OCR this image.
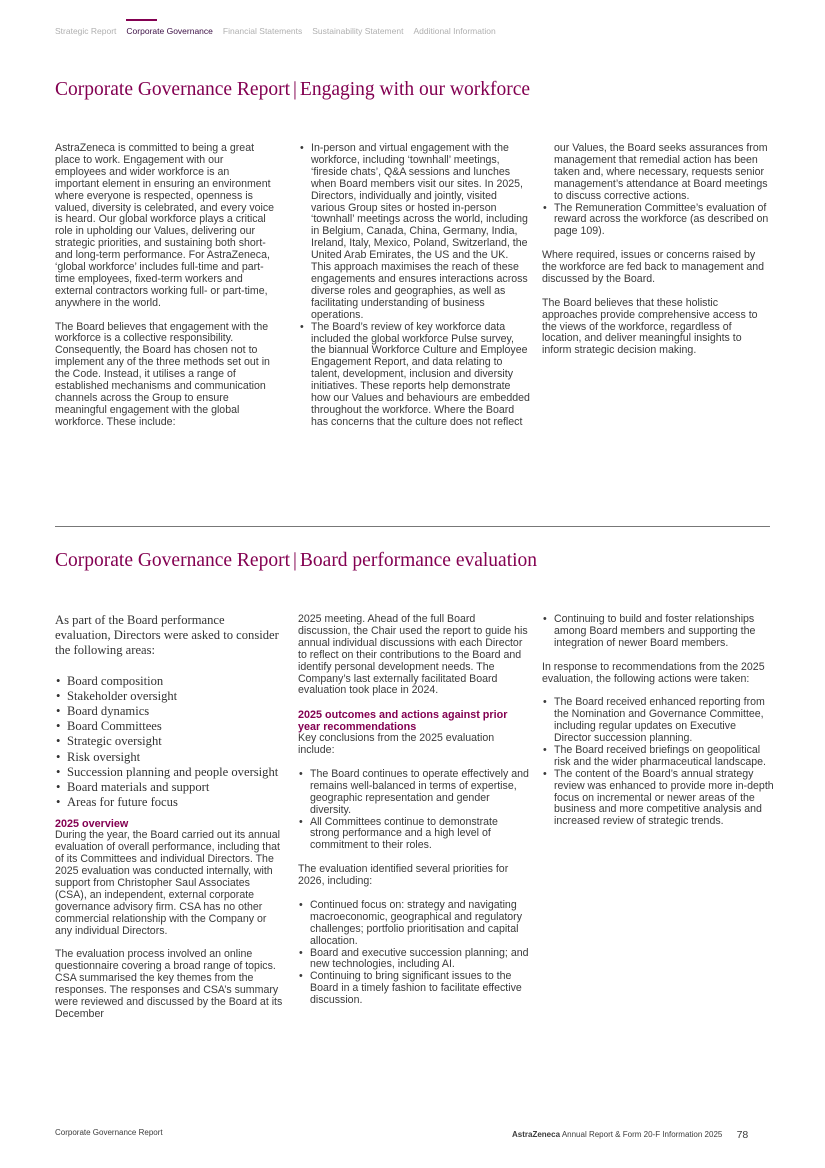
Strategic Report Corporate Governance Financial Statements Sustainability Statement Additional Information
Corporate Governance Report | Engaging with our workforce

AstraZeneca is committed to being a great place to work. Engagement with our employees and wider workforce is an important element in ensuring an environment where everyone is respected, openness is valued, diversity is celebrated, and every voice is heard. Our global workforce plays a critical role in upholding our Values, delivering our strategic priorities, and sustaining both short- and long-term performance. For AstraZeneca, ‘global workforce’ includes full-time and part-time employees, fixed-term workers and external contractors working full- or part-time, anywhere in the world.

The Board believes that engagement with the workforce is a collective responsibility. Consequently, the Board has chosen not to implement any of the three methods set out in the Code. Instead, it utilises a range of established mechanisms and communication channels across the Group to ensure meaningful engagement with the global workforce. These include:

• In-person and virtual engagement with the workforce, including ‘townhall’ meetings, ‘fireside chats’, Q&A sessions and lunches when Board members visit our sites. In 2025, Directors, individually and jointly, visited various Group sites or hosted in-person ‘townhall’ meetings across the world, including in Belgium, Canada, China, Germany, India, Ireland, Italy, Mexico, Poland, Switzerland, the United Arab Emirates, the US and the UK. This approach maximises the reach of these engagements and ensures interactions across diverse roles and geographies, as well as facilitating understanding of business operations.
• The Board’s review of key workforce data included the global workforce Pulse survey, the biannual Workforce Culture and Employee Engagement Report, and data relating to talent, development, inclusion and diversity initiatives. These reports help demonstrate how our Values and behaviours are embedded throughout the workforce. Where the Board has concerns that the culture does not reflect
our Values, the Board seeks assurances from management that remedial action has been taken and, where necessary, requests senior management’s attendance at Board meetings to discuss corrective actions.
• The Remuneration Committee’s evaluation of reward across the workforce (as described on page 109).

Where required, issues or concerns raised by the workforce are fed back to management and discussed by the Board.

The Board believes that these holistic approaches provide comprehensive access to the views of the workforce, regardless of location, and deliver meaningful insights to inform strategic decision making.

Corporate Governance Report | Board performance evaluation

As part of the Board performance evaluation, Directors were asked to consider the following areas:

• Board composition
• Stakeholder oversight
• Board dynamics
• Board Committees
• Strategic oversight
• Risk oversight
• Succession planning and people oversight
• Board materials and support
• Areas for future focus
2025 overview

During the year, the Board carried out its annual evaluation of overall performance, including that of its Committees and individual Directors. The 2025 evaluation was conducted internally, with support from Christopher Saul Associates (CSA), an independent, external corporate governance advisory firm. CSA has no other commercial relationship with the Company or any individual Directors.

The evaluation process involved an online questionnaire covering a broad range of topics. CSA summarised the key themes from the responses. The responses and CSA’s summary were reviewed and discussed by the Board at its December

2025 meeting. Ahead of the full Board discussion, the Chair used the report to guide his annual individual discussions with each Director to reflect on their contributions to the Board and identify personal development needs. The Company’s last externally facilitated Board evaluation took place in 2024.

2025 outcomes and actions against prior year recommendations

Key conclusions from the 2025 evaluation include:

• The Board continues to operate effectively and remains well-balanced in terms of expertise, geographic representation and gender diversity.
• All Committees continue to demonstrate strong performance and a high level of commitment to their roles.

The evaluation identified several priorities for 2026, including:

• Continued focus on: strategy and navigating macroeconomic, geographical and regulatory challenges; portfolio prioritisation and capital allocation.
• Board and executive succession planning; and new technologies, including AI.
• Continuing to bring significant issues to the Board in a timely fashion to facilitate effective discussion.
• Continuing to build and foster relationships among Board members and supporting the integration of newer Board members.

In response to recommendations from the 2025 evaluation, the following actions were taken:

• The Board received enhanced reporting from the Nomination and Governance Committee, including regular updates on Executive Director succession planning.
• The Board received briefings on geopolitical risk and the wider pharmaceutical landscape.
• The content of the Board’s annual strategy review was enhanced to provide more in-depth focus on incremental or newer areas of the business and more competitive analysis and increased review of strategic trends.
Corporate Governance Report	AstraZeneca Annual Report & Form 20-F Information 2025 78
